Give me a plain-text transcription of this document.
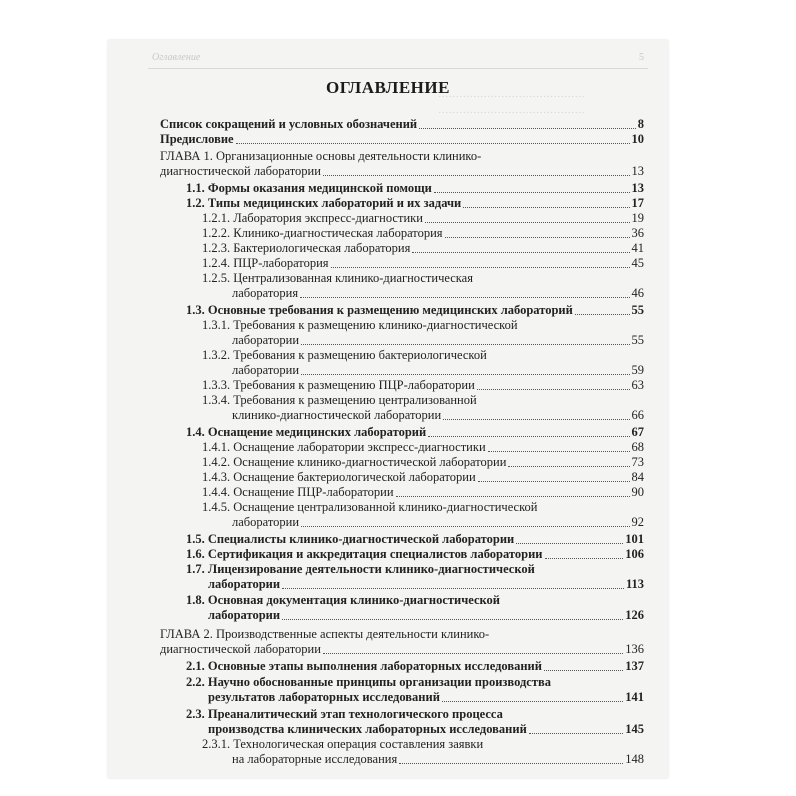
Оглавление	5
··········································
··········································
ОГЛАВЛЕНИЕ
Список сокращений и условных обозначений	8
Предисловие	10
ГЛАВА 1. Организационные основы деятельности клинико-
диагностической лаборатории	13
1.1. Формы оказания медицинской помощи	13
1.2. Типы медицинских лабораторий и их задачи	17
1.2.1. Лаборатория экспресс-диагностики	19
1.2.2. Клинико-диагностическая лаборатория	36
1.2.3. Бактериологическая лаборатория	41
1.2.4. ПЦР-лаборатория	45
1.2.5. Централизованная клинико-диагностическая
лаборатория	46
1.3. Основные требования к размещению медицинских лабораторий	55
1.3.1. Требования к размещению клинико-диагностической
лаборатории	55
1.3.2. Требования к размещению бактериологической
лаборатории	59
1.3.3. Требования к размещению ПЦР-лаборатории	63
1.3.4. Требования к размещению централизованной
клинико-диагностической лаборатории	66
1.4. Оснащение медицинских лабораторий	67
1.4.1. Оснащение лаборатории экспресс-диагностики	68
1.4.2. Оснащение клинико-диагностической лаборатории	73
1.4.3. Оснащение бактериологической лаборатории	84
1.4.4. Оснащение ПЦР-лаборатории	90
1.4.5. Оснащение централизованной клинико-диагностической
лаборатории	92
1.5. Специалисты клинико-диагностической лаборатории	101
1.6. Сертификация и аккредитация специалистов лаборатории	106
1.7. Лицензирование деятельности клинико-диагностической
лаборатории	113
1.8. Основная документация клинико-диагностической
лаборатории	126
ГЛАВА 2. Производственные аспекты деятельности клинико-
диагностической лаборатории	136
2.1. Основные этапы выполнения лабораторных исследований	137
2.2. Научно обоснованные принципы организации производства
результатов лабораторных исследований	141
2.3. Преаналитический этап технологического процесса
производства клинических лабораторных исследований	145
2.3.1. Технологическая операция составления заявки
на лабораторные исследования	148
